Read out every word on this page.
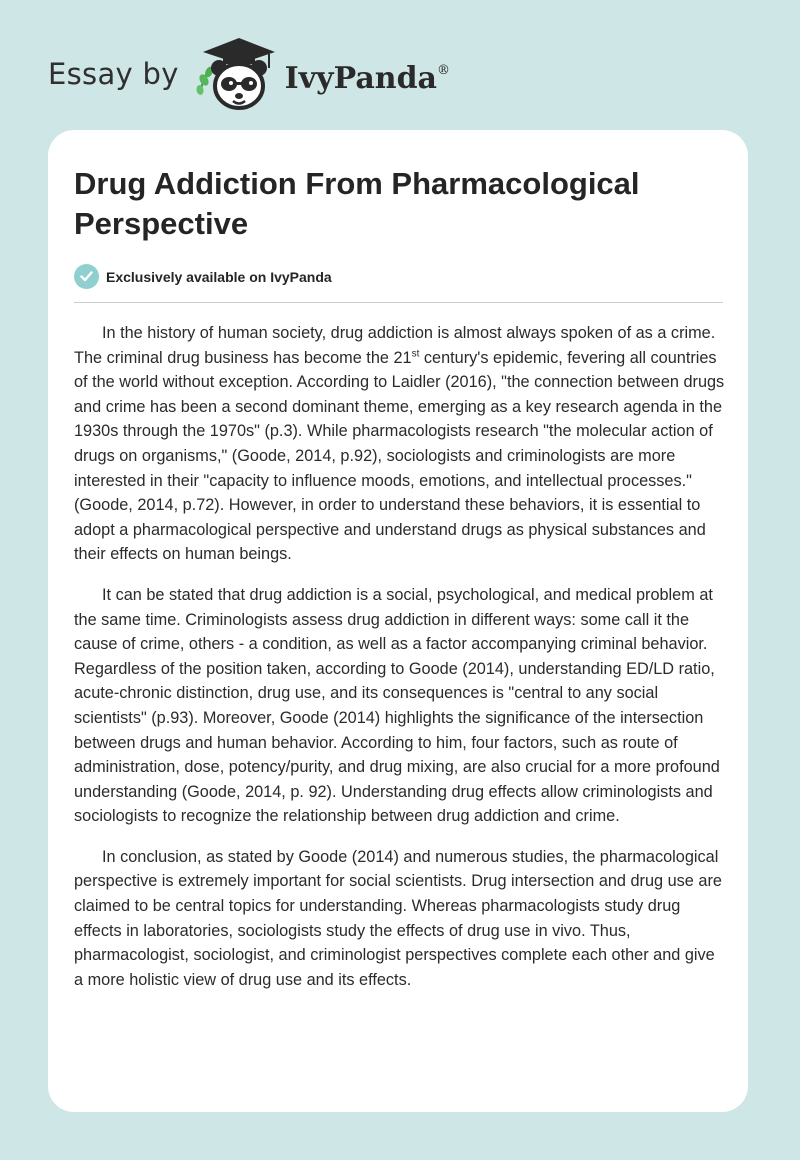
Essay by	IvyPanda®
Drug Addiction From Pharmacological Perspective
Exclusively available on IvyPanda

In the history of human society, drug addiction is almost always spoken of as a crime. The criminal drug business has become the 21st century's epidemic, fevering all countries of the world without exception. According to Laidler (2016), "the connection between drugs and crime has been a second dominant theme, emerging as a key research agenda in the 1930s through the 1970s" (p.3). While pharmacologists research "the molecular action of drugs on organisms," (Goode, 2014, p.92), sociologists and criminologists are more interested in their "capacity to influence moods, emotions, and intellectual processes." (Goode, 2014, p.72). However, in order to understand these behaviors, it is essential to adopt a pharmacological perspective and understand drugs as physical substances and their effects on human beings.

It can be stated that drug addiction is a social, psychological, and medical problem at the same time. Criminologists assess drug addiction in different ways: some call it the cause of crime, others - a condition, as well as a factor accompanying criminal behavior. Regardless of the position taken, according to Goode (2014), understanding ED/LD ratio, acute-chronic distinction, drug use, and its consequences is "central to any social scientists" (p.93). Moreover, Goode (2014) highlights the significance of the intersection between drugs and human behavior. According to him, four factors, such as route of administration, dose, potency/purity, and drug mixing, are also crucial for a more profound understanding (Goode, 2014, p. 92). Understanding drug effects allow criminologists and sociologists to recognize the relationship between drug addiction and crime.

In conclusion, as stated by Goode (2014) and numerous studies, the pharmacological perspective is extremely important for social scientists. Drug intersection and drug use are claimed to be central topics for understanding. Whereas pharmacologists study drug effects in laboratories, sociologists study the effects of drug use in vivo. Thus, pharmacologist, sociologist, and criminologist perspectives complete each other and give a more holistic view of drug use and its effects.
